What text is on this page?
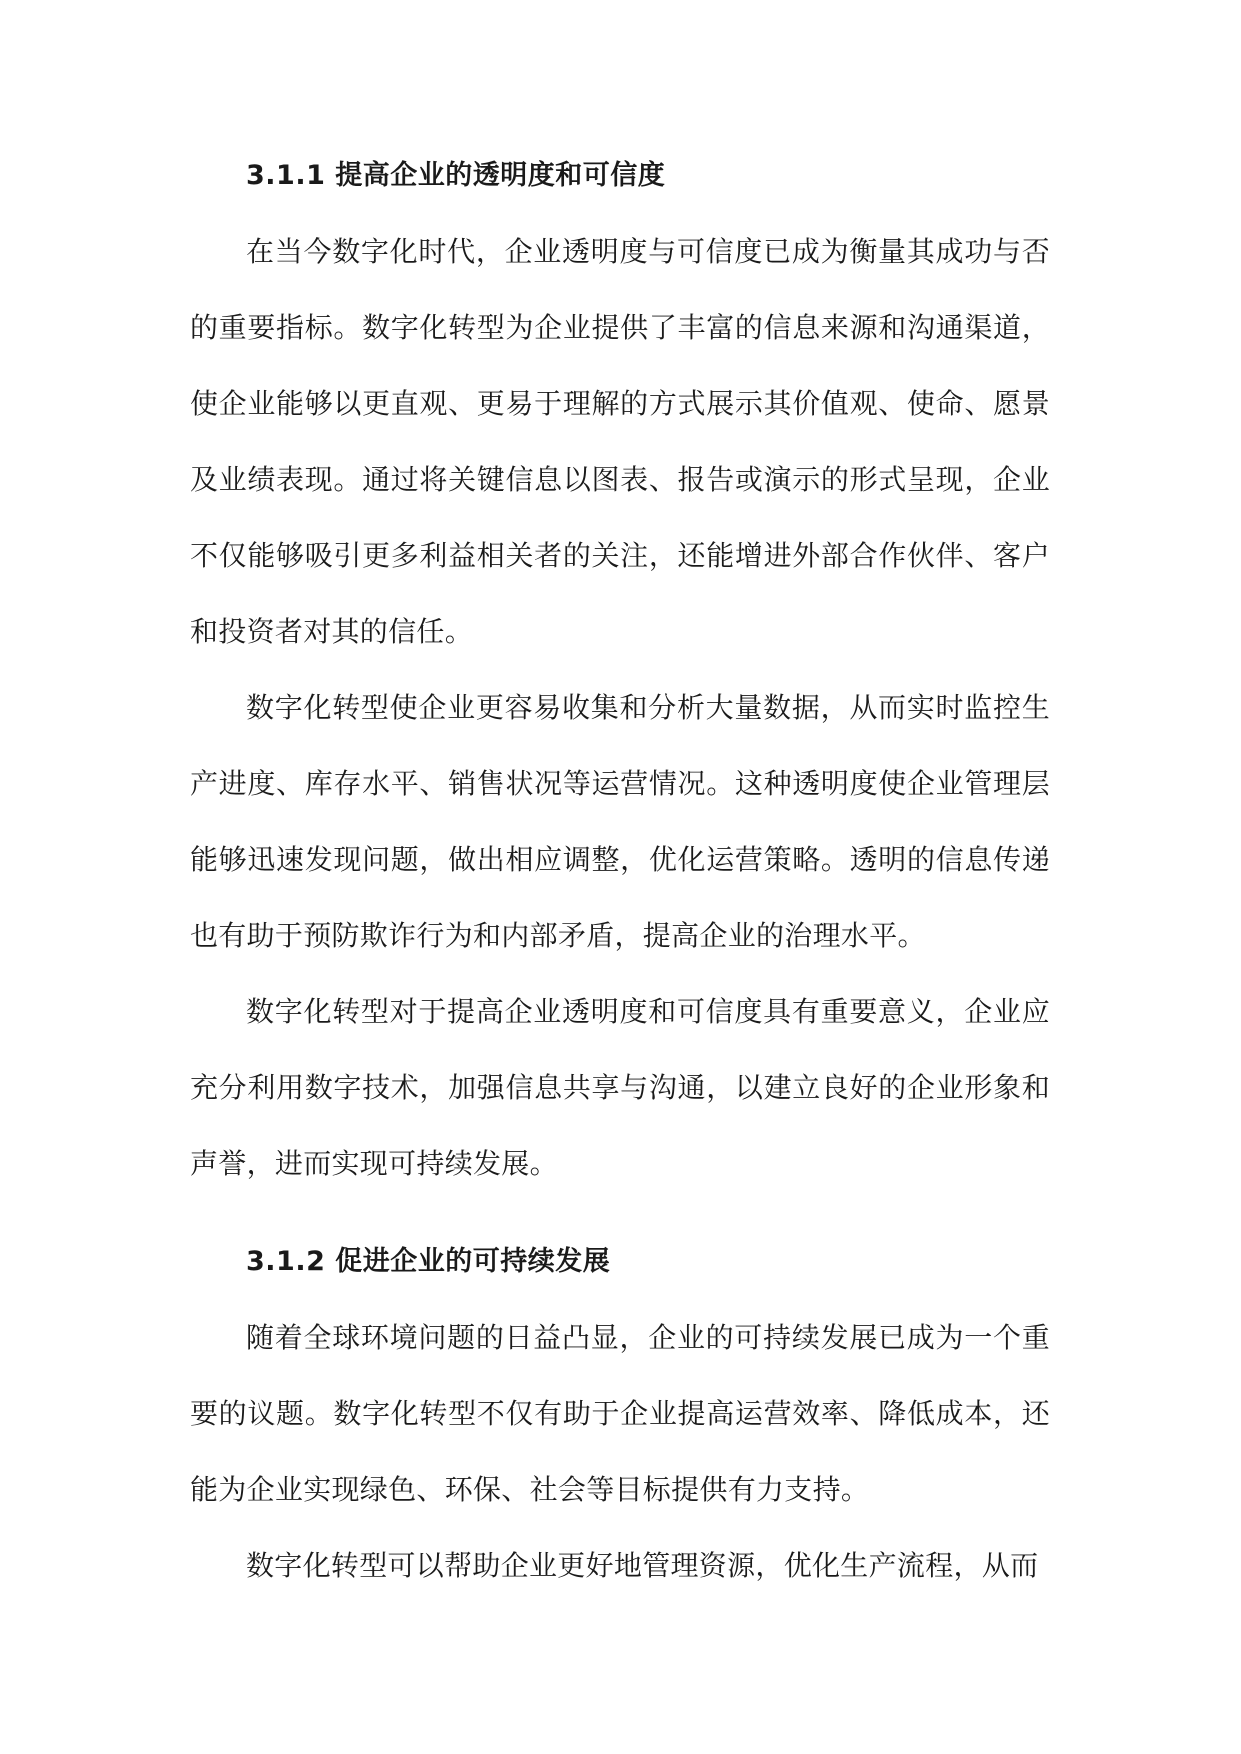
3.1.1 提高企业的透明度和可信度

在当今数字化时代，企业透明度与可信度已成为衡量其成功与否的重要指标。数字化转型为企业提供了丰富的信息来源和沟通渠道，使企业能够以更直观、更易于理解的方式展示其价值观、使命、愿景及业绩表现。通过将关键信息以图表、报告或演示的形式呈现，企业不仅能够吸引更多利益相关者的关注，还能增进外部合作伙伴、客户和投资者对其的信任。

数字化转型使企业更容易收集和分析大量数据，从而实时监控生产进度、库存水平、销售状况等运营情况。这种透明度使企业管理层能够迅速发现问题，做出相应调整，优化运营策略。透明的信息传递也有助于预防欺诈行为和内部矛盾，提高企业的治理水平。

数字化转型对于提高企业透明度和可信度具有重要意义，企业应充分利用数字技术，加强信息共享与沟通，以建立良好的企业形象和声誉，进而实现可持续发展。

3.1.2 促进企业的可持续发展

随着全球环境问题的日益凸显，企业的可持续发展已成为一个重要的议题。数字化转型不仅有助于企业提高运营效率、降低成本，还能为企业实现绿色、环保、社会等目标提供有力支持。

数字化转型可以帮助企业更好地管理资源，优化生产流程，从而
